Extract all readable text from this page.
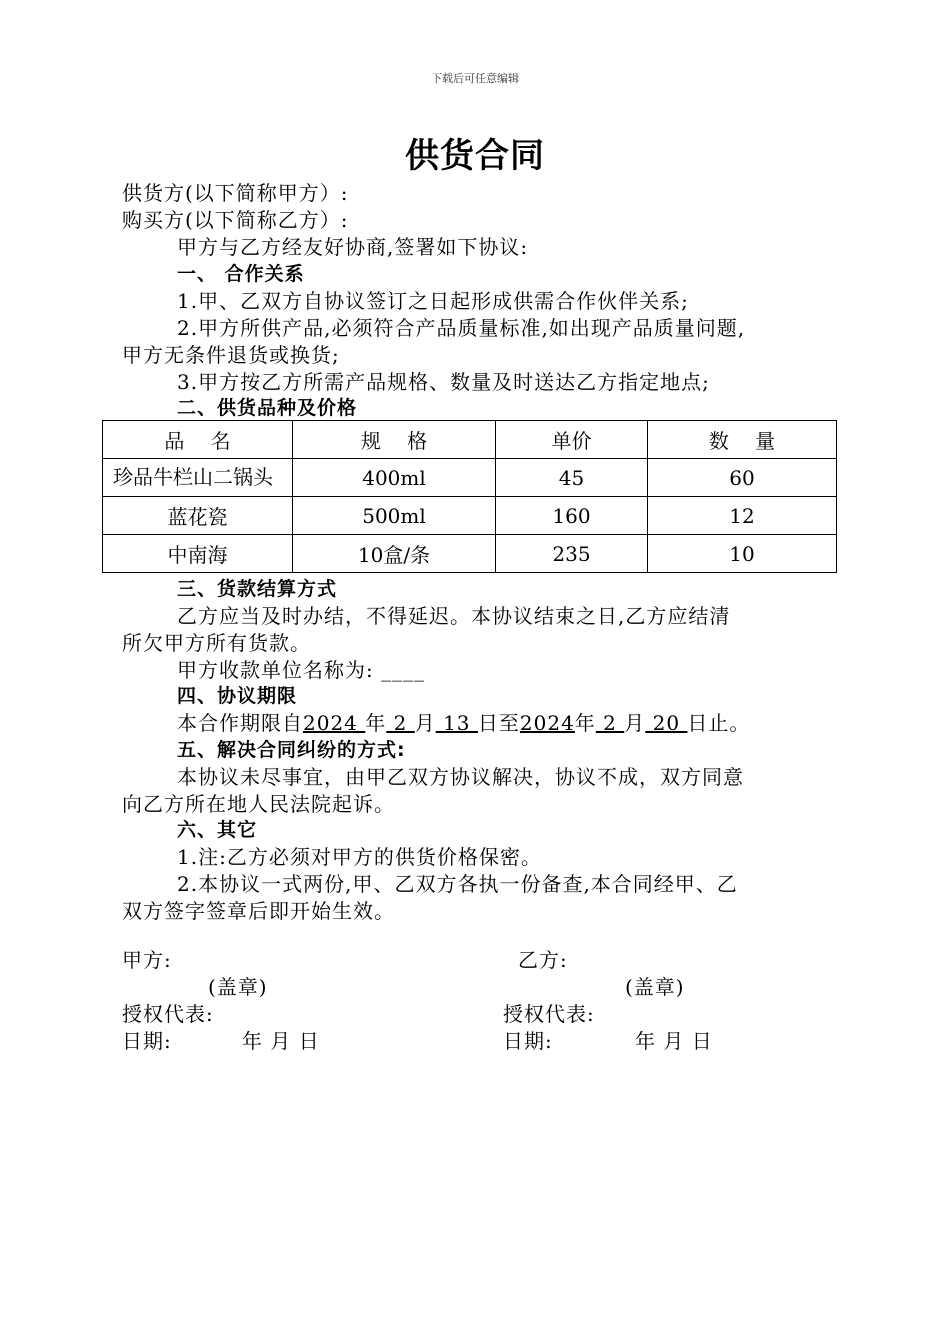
下载后可任意编辑
供货合同
供货方(以下简称甲方）:
购买方(以下简称乙方）:
甲方与乙方经友好协商,签署如下协议:
一、 合作关系
1.甲、乙双方自协议签订之日起形成供需合作伙伴关系;
2.甲方所供产品,必须符合产品质量标准,如出现产品质量问题,
甲方无条件退货或换货;
3.甲方按乙方所需产品规格、数量及时送达乙方指定地点;
二、供货品种及价格
品 名	规 格	单价	数 量

珍品牛栏山二锅头	400ml	45	60
蓝花瓷	500ml	160	12
中南海	10盒/条	235	10
三、货款结算方式
乙方应当及时办结，不得延迟。本协议结束之日,乙方应结清
所欠甲方所有货款。
甲方收款单位名称为: ____
四、协议期限
本合作期限自2024 年 2 月 13 日至2024年 2 月 20 日止。
五、解决合同纠纷的方式:
本协议未尽事宜，由甲乙双方协议解决，协议不成，双方同意
向乙方所在地人民法院起诉。
六、其它
1.注:乙方必须对甲方的供货价格保密。
2.本协议一式两份,甲、乙双方各执一份备查,本合同经甲、乙
双方签字签章后即开始生效。
甲方:	乙方:
(盖章)	(盖章)
授权代表:	授权代表:
日期:	年 月 日	日期:	年 月 日
